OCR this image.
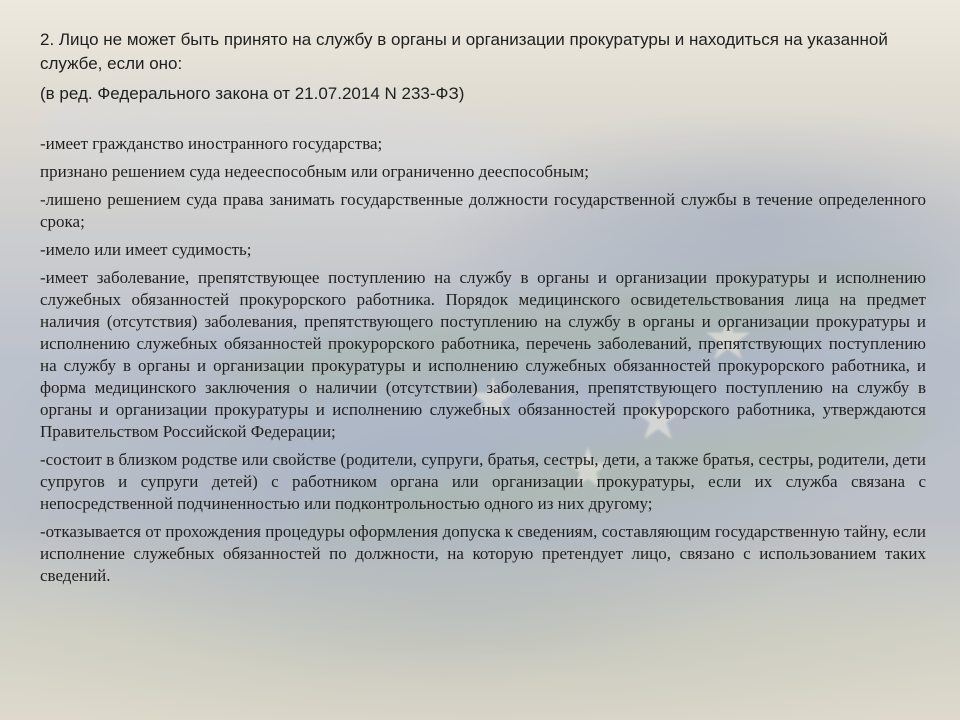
2. Лицо не может быть принято на службу в органы и организации прокуратуры и находиться на указанной службе, если оно:

(в ред. Федерального закона от 21.07.2014 N 233-ФЗ)

-имеет гражданство иностранного государства;

признано решением суда недееспособным или ограниченно дееспособным;

-лишено решением суда права занимать государственные должности государственной службы в течение определенного срока;

-имело или имеет судимость;

-имеет заболевание, препятствующее поступлению на службу в органы и организации прокуратуры и исполнению служебных обязанностей прокурорского работника. Порядок медицинского освидетельствования лица на предмет наличия (отсутствия) заболевания, препятствующего поступлению на службу в органы и организации прокуратуры и исполнению служебных обязанностей прокурорского работника, перечень заболеваний, препятствующих поступлению на службу в органы и организации прокуратуры и исполнению служебных обязанностей прокурорского работника, и форма медицинского заключения о наличии (отсутствии) заболевания, препятствующего поступлению на службу в органы и организации прокуратуры и исполнению служебных обязанностей прокурорского работника, утверждаются Правительством Российской Федерации;

-состоит в близком родстве или свойстве (родители, супруги, братья, сестры, дети, а также братья, сестры, родители, дети супругов и супруги детей) с работником органа или организации прокуратуры, если их служба связана с непосредственной подчиненностью или подконтрольностью одного из них другому;

-отказывается от прохождения процедуры оформления допуска к сведениям, составляющим государственную тайну, если исполнение служебных обязанностей по должности, на которую претендует лицо, связано с использованием таких сведений.
